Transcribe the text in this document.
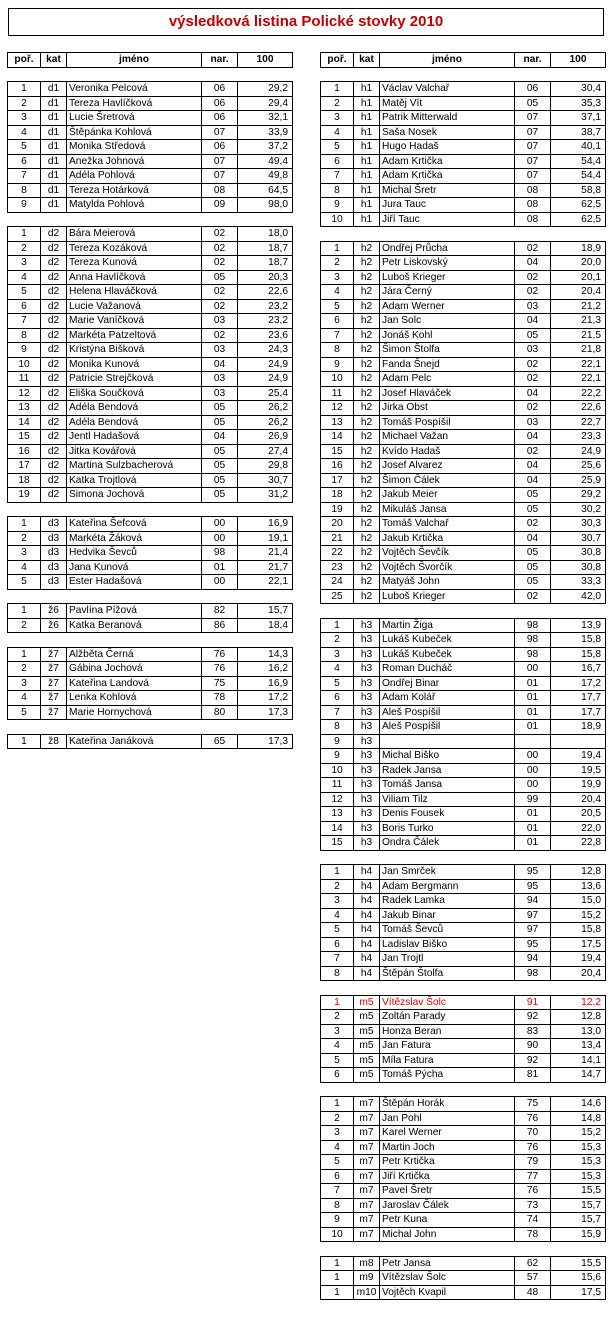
výsledková listina Polické stovky 2010
poř.	kat	jméno	nar.	100

1	d1	Veronika Pelcová	06	29,2
2	d1	Tereza Havlíčková	06	29,4
3	d1	Lucie Šretrová	06	32,1
4	d1	Štěpánka Kohlová	07	33,9
5	d1	Monika Středová	06	37,2
6	d1	Anežka Johnová	07	49,4
7	d1	Adéla Pohlová	07	49,8
8	d1	Tereza Hotárková	08	64,5
9	d1	Matylda Pohlová	09	98,0

1	d2	Bára Meierová	02	18,0
2	d2	Tereza Kozáková	02	18,7
3	d2	Tereza Kunová	02	18,7
4	d2	Anna Havlíčková	05	20,3
5	d2	Helena Hlaváčková	02	22,6
6	d2	Lucie Važanová	02	23,2
7	d2	Marie Vaníčková	03	23,2
8	d2	Markéta Patzeltová	02	23,6
9	d2	Kristýna Bišková	03	24,3
10	d2	Monika Kunová	04	24,9
11	d2	Patricie Strejčková	03	24,9
12	d2	Eliška Součková	03	25,4
13	d2	Adéla Bendová	05	26,2
14	d2	Adéla Bendová	05	26,2
15	d2	Jentl Hadašová	04	26,9
16	d2	Jitka Kovářová	05	27,4
17	d2	Martina Sulzbacherová	05	29,8
18	d2	Katka Trojtlová	05	30,7
19	d2	Simona Jochová	05	31,2

1	d3	Kateřina Šefcová	00	16,9
2	d3	Markéta Žáková	00	19,1
3	d3	Hedvika Ševců	98	21,4
4	d3	Jana Kunová	01	21,7
5	d3	Ester Hadašová	00	22,1

1	ž6	Pavlína Pížová	82	15,7
2	ž6	Katka Beranová	86	18,4

1	ž7	Alžběta Černá	76	14,3
2	ž7	Gábina Jochová	76	16,2
3	ž7	Kateřina Landová	75	16,9
4	ž7	Lenka Kohlová	78	17,2
5	ž7	Marie Hornychová	80	17,3

1	ž8	Kateřina Janáková	65	17,3
poř.	kat	jméno	nar.	100

1	h1	Václav Valchař	06	30,4
2	h1	Matěj Vít	05	35,3
3	h1	Patrik Mitterwald	07	37,1
4	h1	Saša Nosek	07	38,7
5	h1	Hugo Hadaš	07	40,1
6	h1	Adam Krtička	07	54,4
7	h1	Adam Krtička	07	54,4
8	h1	Michal Šretr	08	58,8
9	h1	Jura Tauc	08	62,5
10	h1	Jiří Tauc	08	62,5

1	h2	Ondřej Průcha	02	18,9
2	h2	Petr Liskovský	04	20,0
3	h2	Luboš Krieger	02	20,1
4	h2	Jára Černý	02	20,4
5	h2	Adam Werner	03	21,2
6	h2	Jan Solc	04	21,3
7	h2	Jonáš Kohl	05	21,5
8	h2	Šimon Štolfa	03	21,8
9	h2	Fanda Šnejd	02	22,1
10	h2	Adam Pelc	02	22,1
11	h2	Josef Hlaváček	04	22,2
12	h2	Jirka Obst	02	22,6
13	h2	Tomáš Pospíšil	03	22,7
14	h2	Michael Važan	04	23,3
15	h2	Kvído Hadaš	02	24,9
16	h2	Josef Alvarez	04	25,6
17	h2	Šimon Čálek	04	25,9
18	h2	Jakub Meier	05	29,2
19	h2	Mikuláš Jansa	05	30,2
20	h2	Tomáš Valchař	02	30,3
21	h2	Jakub Krtička	04	30,7
22	h2	Vojtěch Ševčík	05	30,8
23	h2	Vojtěch Švorčík	05	30,8
24	h2	Matyáš John	05	33,3
25	h2	Luboš Krieger	02	42,0

1	h3	Martin Žiga	98	13,9
2	h3	Lukáš Kubeček	98	15,8
3	h3	Lukáš Kubeček	98	15,8
4	h3	Roman Ducháč	00	16,7
5	h3	Ondřej Binar	01	17,2
6	h3	Adam Kolář	01	17,7
7	h3	Aleš Pospíšil	01	17,7
8	h3	Aleš Pospíšil	01	18,9
9	h3			
9	h3	Michal Biško	00	19,4
10	h3	Radek Jansa	00	19,5
11	h3	Tomáš Jansa	00	19,9
12	h3	Viliam Tilz	99	20,4
13	h3	Denis Fousek	01	20,5
14	h3	Boris Turko	01	22,0
15	h3	Ondra Čálek	01	22,8

1	h4	Jan Smrček	95	12,8
2	h4	Adam Bergmann	95	13,6
3	h4	Radek Lamka	94	15,0
4	h4	Jakub Binar	97	15,2
5	h4	Tomáš Ševců	97	15,8
6	h4	Ladislav Biško	95	17,5
7	h4	Jan Trojtl	94	19,4
8	h4	Štěpán Štolfa	98	20,4

1	m5	Vítězslav Šolc	91	12,2
2	m5	Zoltán Parady	92	12,8
3	m5	Honza Beran	83	13,0
4	m5	Jan Fatura	90	13,4
5	m5	Míla Fatura	92	14,1
6	m5	Tomáš Pýcha	81	14,7

1	m7	Štěpán Horák	75	14,6
2	m7	Jan Pohl	76	14,8
3	m7	Karel Werner	70	15,2
4	m7	Martin Joch	76	15,3
5	m7	Petr Krtička	79	15,3
6	m7	Jiří Krtička	77	15,3
7	m7	Pavel Šretr	76	15,5
8	m7	Jaroslav Čálek	73	15,7
9	m7	Petr Kuna	74	15,7
10	m7	Michal John	78	15,9

1	m8	Petr Jansa	62	15,5
1	m9	Vítězslav Šolc	57	15,6
1	m10	Vojtěch Kvapil	48	17,5
